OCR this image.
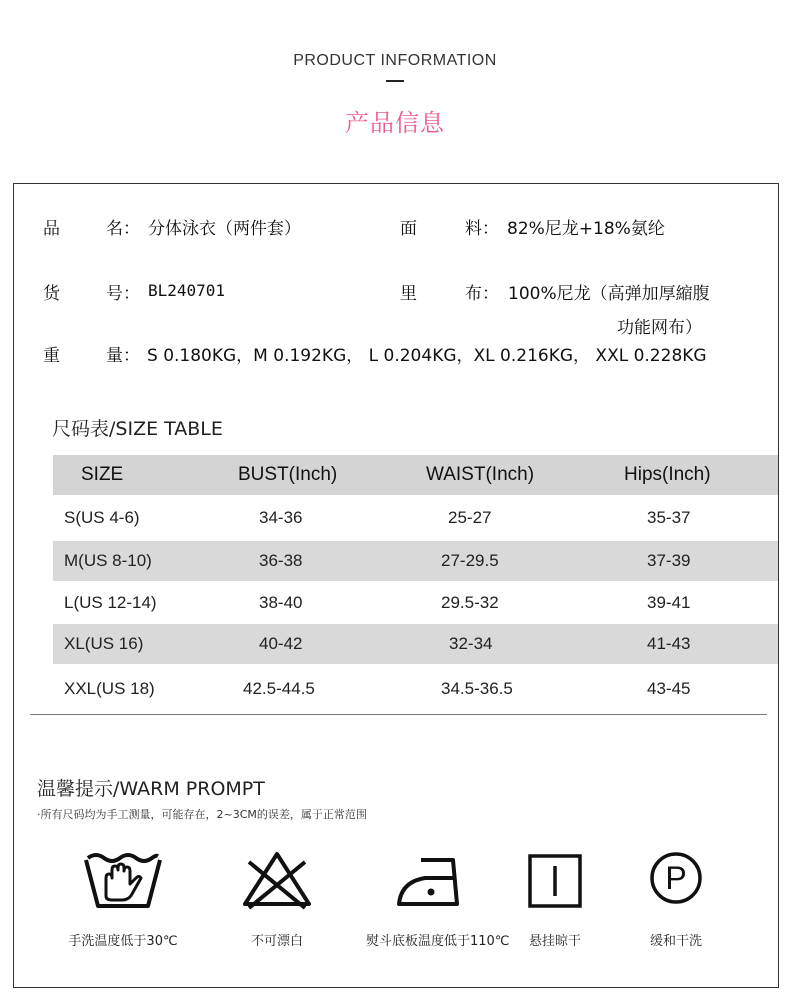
PRODUCT INFORMATION
产品信息
品	名： 分体泳衣（两件套）	面	料： 82%尼龙+18%氨纶
货	号： BL240701	里	布： 100%尼龙（高弹加厚縮腹
功能网布）
重	量： S 0.180KG，M 0.192KG， L 0.204KG，XL 0.216KG， XXL 0.228KG
尺码表/SIZE TABLE
SIZE	BUST(Inch)	WAIST(Inch)	Hips(Inch)
S(US 4-6)	34-36	25-27	35-37
M(US 8-10)	36-38	27-29.5	37-39
L(US 12-14)	38-40	29.5-32	39-41
XL(US 16)	40-42	32-34	41-43
XXL(US 18)	42.5-44.5	34.5-36.5	43-45
温馨提示/WARM PROMPT
·所有尺码均为手工测量，可能存在，2~3CM的误差，属于正常范围
手洗温度低于30℃	不可漂白	熨斗底板温度低于110℃	悬挂晾干
P
缓和干洗
